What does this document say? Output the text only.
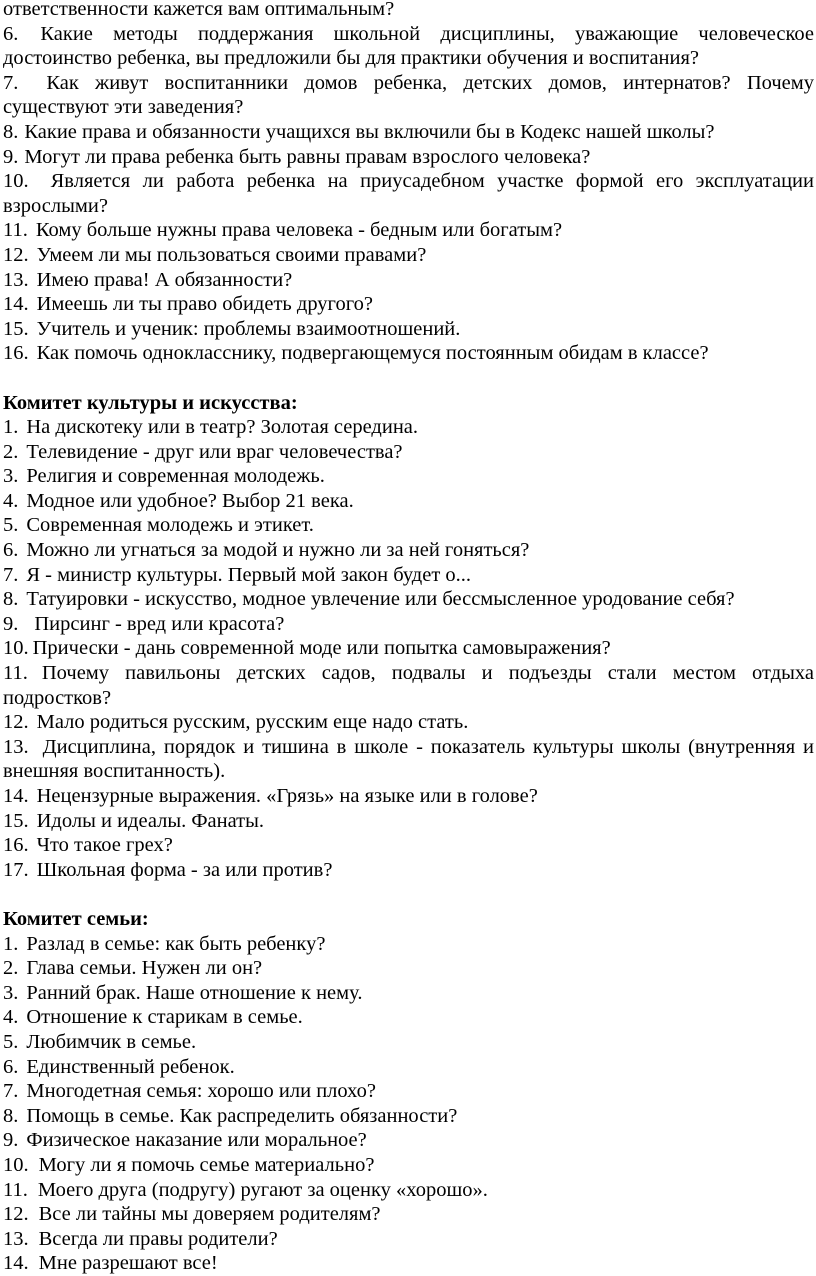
ответственности кажется вам оптимальным?

6. Какие методы поддержания школьной дисциплины, уважающие человеческое достоинство ребенка, вы предложили бы для практики обучения и воспитания?

7. Как живут воспитанники домов ребенка, детских домов, интернатов? Почему существуют эти заведения?

8. Какие права и обязанности учащихся вы включили бы в Кодекс нашей школы?

9. Могут ли права ребенка быть равны правам взрослого человека?

10. Является ли работа ребенка на приусадебном участке формой его эксплуатации взрослыми?

11. Кому больше нужны права человека - бедным или богатым?

12. Умеем ли мы пользоваться своими правами?

13. Имею права! А обязанности?

14. Имеешь ли ты право обидеть другого?

15. Учитель и ученик: проблемы взаимоотношений.

16. Как помочь однокласснику, подвергающемуся постоянным обидам в классе?

Комитет культуры и искусства:

1. На дискотеку или в театр? Золотая середина.

2. Телевидение - друг или враг человечества?

3. Религия и современная молодежь.

4. Модное или удобное? Выбор 21 века.

5. Современная молодежь и этикет.

6. Можно ли угнаться за модой и нужно ли за ней гоняться?

7. Я - министр культуры. Первый мой закон будет о...

8. Татуировки - искусство, модное увлечение или бессмысленное уродование себя?

9. Пирсинг - вред или красота?

10. Прически - дань современной моде или попытка самовыражения?

11. Почему павильоны детских садов, подвалы и подъезды стали местом отдыха подростков?

12. Мало родиться русским, русским еще надо стать.

13. Дисциплина, порядок и тишина в школе - показатель культуры школы (внутренняя и внешняя воспитанность).

14. Нецензурные выражения. «Грязь» на языке или в голове?

15. Идолы и идеалы. Фанаты.

16. Что такое грех?

17. Школьная форма - за или против?

Комитет семьи:

1. Разлад в семье: как быть ребенку?

2. Глава семьи. Нужен ли он?

3. Ранний брак. Наше отношение к нему.

4. Отношение к старикам в семье.

5. Любимчик в семье.

6. Единственный ребенок.

7. Многодетная семья: хорошо или плохо?

8. Помощь в семье. Как распределить обязанности?

9. Физическое наказание или моральное?

10. Могу ли я помочь семье материально?

11. Моего друга (подругу) ругают за оценку «хорошо».

12. Все ли тайны мы доверяем родителям?

13. Всегда ли правы родители?

14. Мне разрешают все!
